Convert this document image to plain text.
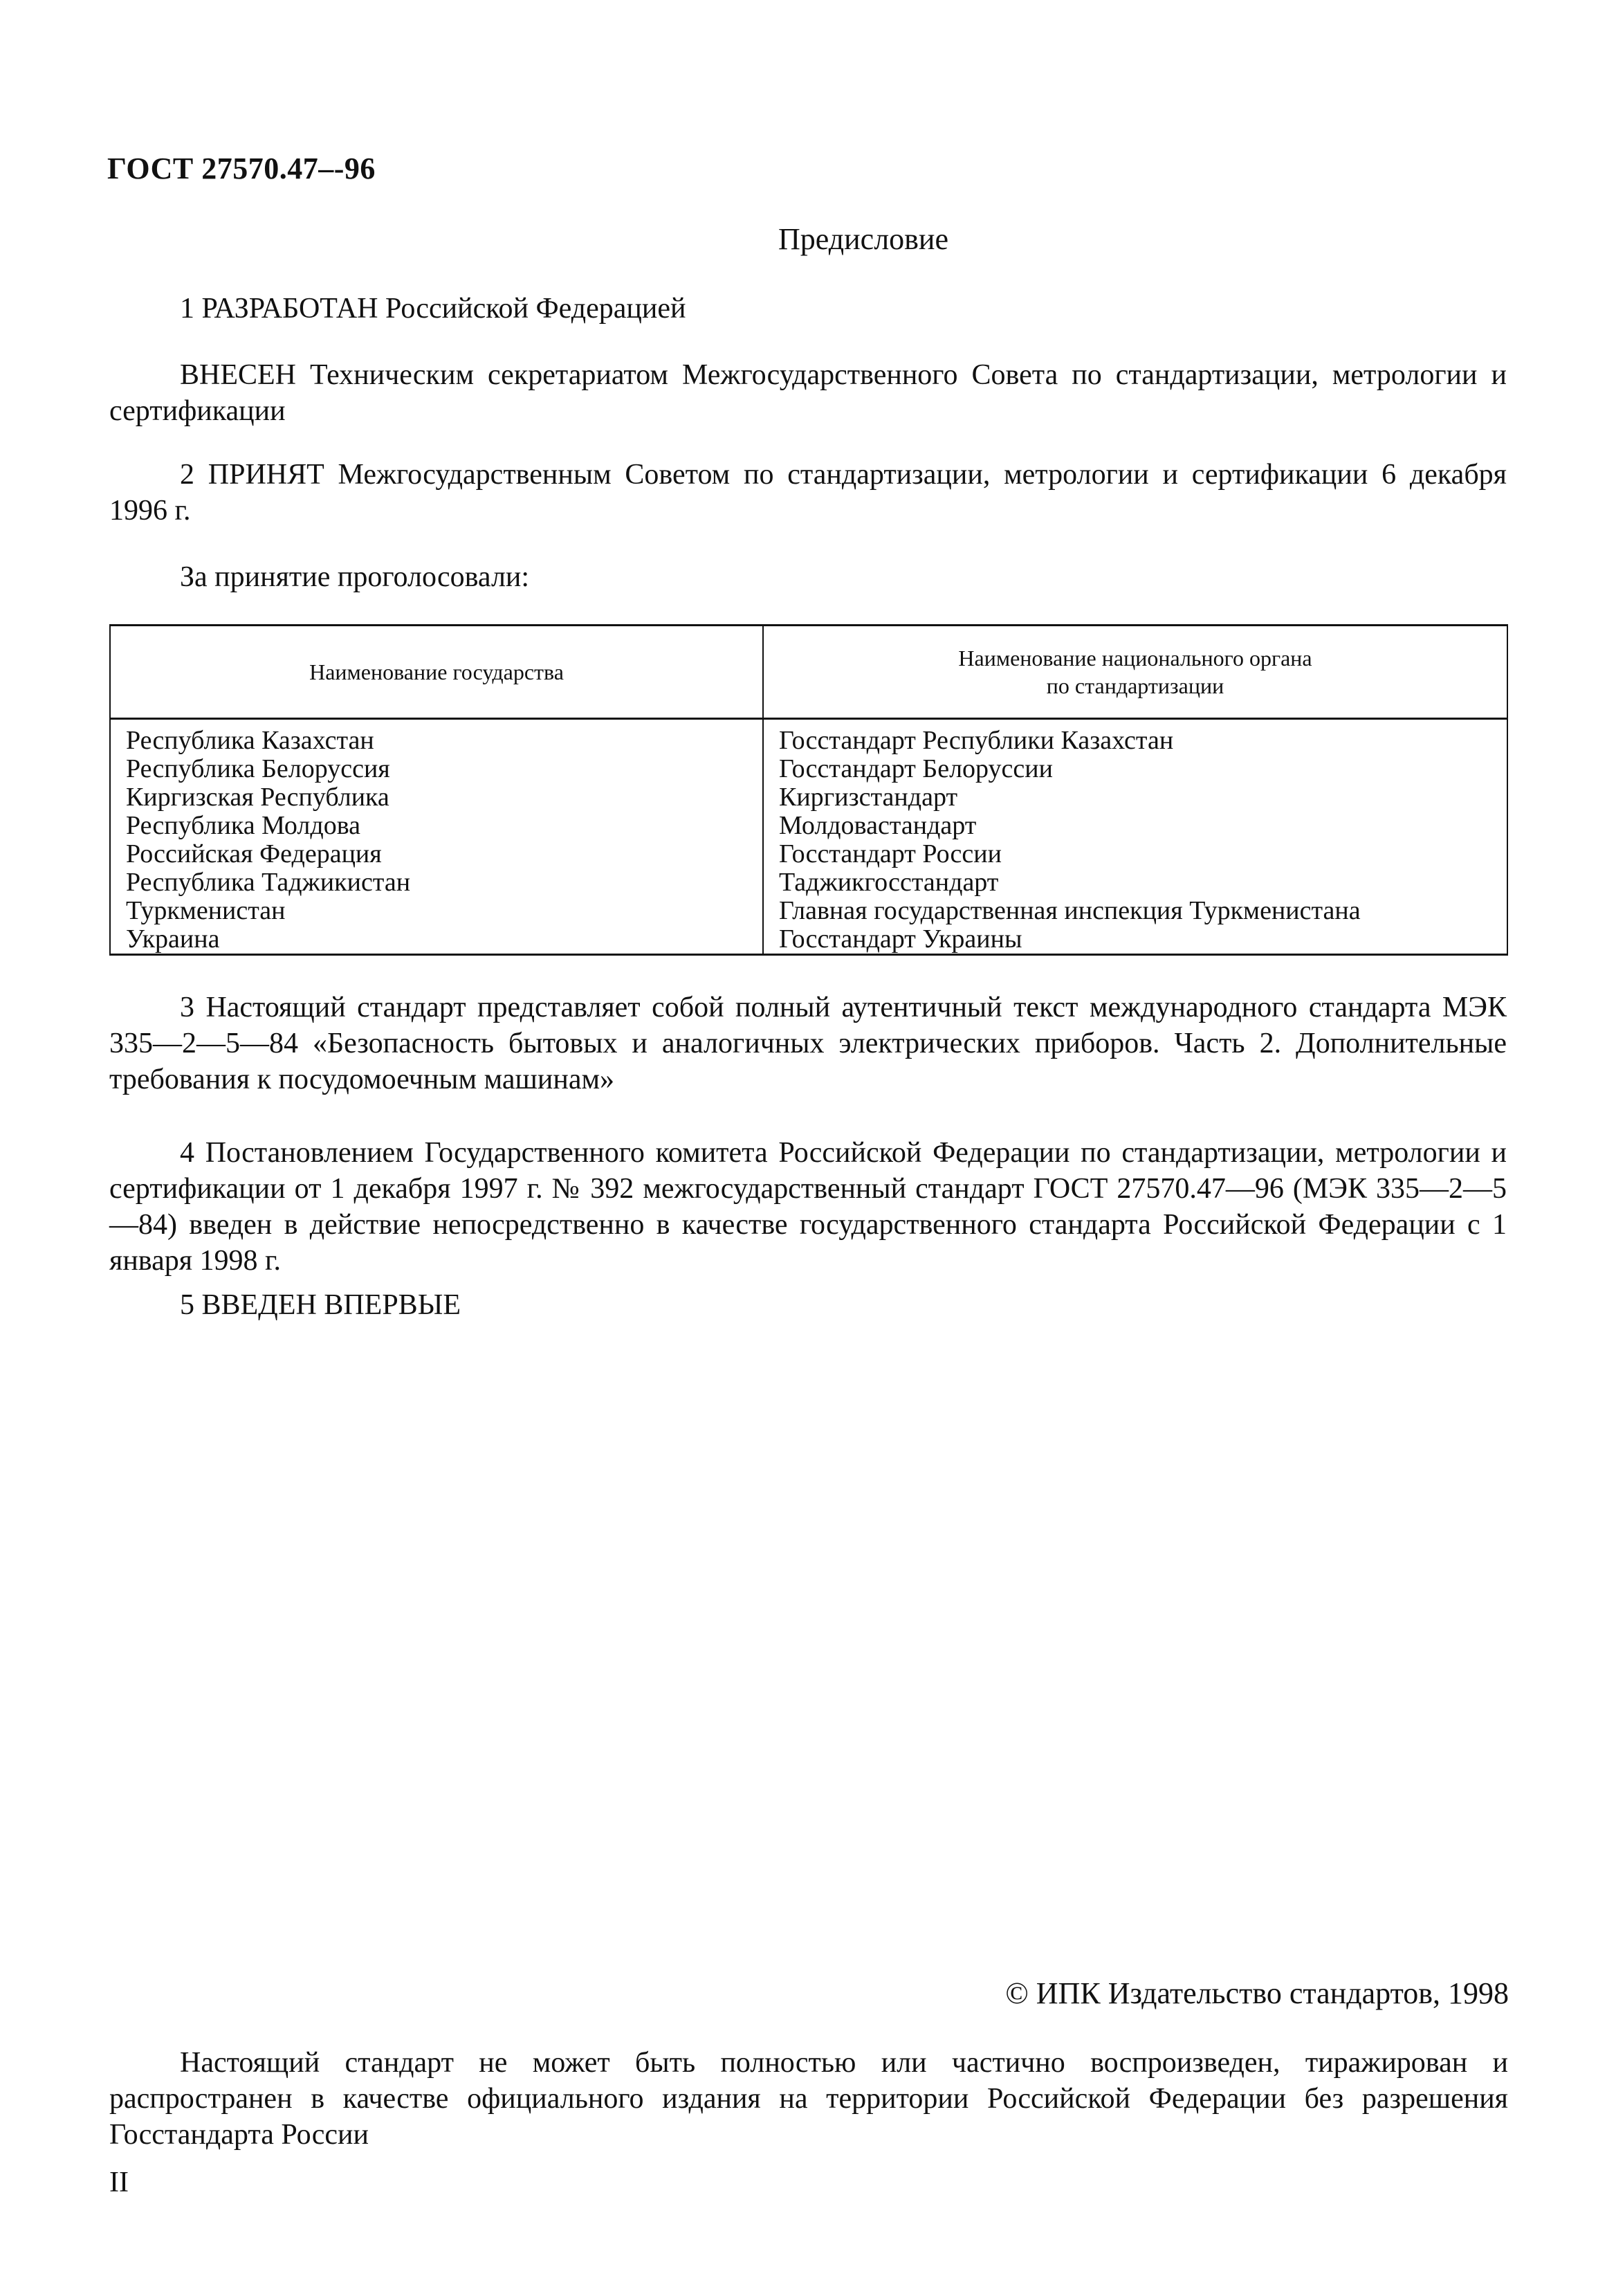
ГОСТ 27570.47–-96
Предисловие
1 РАЗРАБОТАН Российской Федерацией
ВНЕСЕН Техническим секретариатом Межгосударственного Совета по стандартизации, метрологии и сертификации
2 ПРИНЯТ Межгосударственным Советом по стандартизации, метрологии и сертификации 6 декабря 1996 г.
За принятие проголосовали:
Наименование государства	Наименование национального органа
по стандартизации
Республика Казахстан	Госстандарт Республики Казахстан
Республика Белоруссия	Госстандарт Белоруссии
Киргизская Республика	Киргизстандарт
Республика Молдова	Молдовастандарт
Российская Федерация	Госстандарт России
Республика Таджикистан	Таджикгосстандарт
Туркменистан	Главная государственная инспекция Туркменистана
Украина	Госстандарт Украины
3 Настоящий стандарт представляет собой полный аутентичный текст международного стандарта МЭК 335—2—5—84 «Безопасность бытовых и аналогичных электрических приборов. Часть 2. Дополнительные требования к посудомоечным машинам»
4 Постановлением Государственного комитета Российской Федерации по стандартизации, метрологии и сертификации от 1 декабря 1997 г. № 392 межгосударственный стандарт ГОСТ 27570.47—96 (МЭК 335—2—5—84) введен в действие непосредственно в качестве государственного стандарта Российской Федерации с 1 января 1998 г.
5 ВВЕДЕН ВПЕРВЫЕ
© ИПК Издательство стандартов, 1998
Настоящий стандарт не может быть полностью или частично воспроизведен, тиражирован и распространен в качестве официального издания на территории Российской Федерации без разрешения Госстандарта России
II
